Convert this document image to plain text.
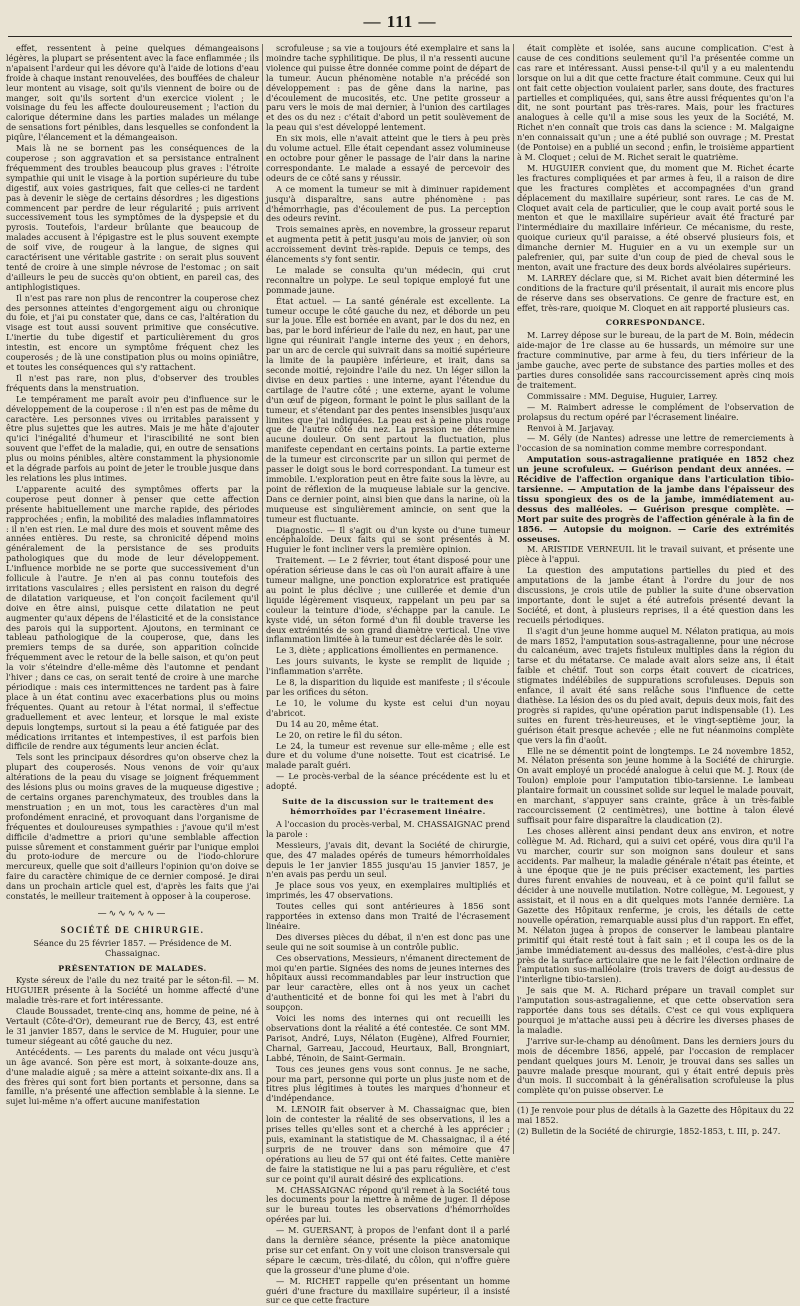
— 111 —

effet, ressentent à peine quelques démangeaisons légères, la plupart se présentent avec la face enflammée ; ils n'apaisent l'ardeur qui les dévore qu'à l'aide de lotions d'eau froide à chaque instant renouvelées, des bouffées de chaleur leur montent au visage, soit qu'ils viennent de boire ou de manger, soit qu'ils sortent d'un exercice violent ; le voisinage du feu les affecte douloureusement ; l'action du calorique détermine dans les parties malades un mélange de sensations fort pénibles, dans lesquelles se confondent la piqûre, l'élancement et la démangeaison.

Mais là ne se bornent pas les conséquences de la couperose ; son aggravation et sa persistance entraînent fréquemment des troubles beaucoup plus graves : l'étroite sympathie qui unit le visage à la portion supérieure du tube digestif, aux voies gastriques, fait que celles-ci ne tardent pas à devenir le siège de certains désordres ; les digestions commencent par perdre de leur régularité ; puis arrivent successivement tous les symptômes de la dyspepsie et du pyrosis. Toutefois, l'ardeur brûlante que beaucoup de malades accusent à l'épigastre est le plus souvent exempte de soif vive, de rougeur à la langue, de signes qui caractérisent une véritable gastrite : on serait plus souvent tenté de croire à une simple névrose de l'estomac ; on sait d'ailleurs le peu de succès qu'on obtient, en pareil cas, des antiphlogistiques.

Il n'est pas rare non plus de rencontrer la couperose chez des personnes atteintes d'engorgement aigu ou chronique du foie, et j'ai pu constater que, dans ce cas, l'altération du visage est tout aussi souvent primitive que consécutive. L'inertie du tube digestif et particulièrement du gros intestin, est encore un symptôme fréquent chez les couperosés ; de là une constipation plus ou moins opiniâtre, et toutes les conséquences qui s'y rattachent.

Il n'est pas rare, non plus, d'observer des troubles fréquents dans la menstruation.

Le tempérament me paraît avoir peu d'influence sur le développement de la couperose : il n'en est pas de même du caractère. Les personnes vives ou irritables paraissent y être plus sujettes que les autres. Mais je me hâte d'ajouter qu'ici l'inégalité d'humeur et l'irascibilité ne sont bien souvent que l'effet de la maladie, qui, en outre de sensations plus ou moins pénibles, altère constamment la physionomie et la dégrade parfois au point de jeter le trouble jusque dans les relations les plus intimes.

L'apparente acuité des symptômes offerts par la couperose peut donner à penser que cette affection présente habituellement une marche rapide, des périodes rapprochées ; enfin, la mobilité des maladies inflammatoires : il n'en est rien. Le mal dure des mois et souvent même des années entières. Du reste, sa chronicité dépend moins généralement de la persistance de ses produits pathologiques que du mode de leur développement. L'influence morbide ne se porte que successivement d'un follicule à l'autre. Je n'en ai pas connu toutefois des irritations vasculaires ; elles persistent en raison du degré de dilatation variqueuse, et l'on conçoit facilement qu'il doive en être ainsi, puisque cette dilatation ne peut augmenter qu'aux dépens de l'élasticité et de la consistance des parois qui la supportent. Ajoutons, en terminant ce tableau pathologique de la couperose, que, dans les premiers temps de sa durée, son apparition coïncide fréquemment avec le retour de la belle saison, et qu'on peut la voir s'éteindre d'elle-même dès l'automne et pendant l'hiver ; dans ce cas, on serait tenté de croire à une marche périodique : mais ces intermittences ne tardent pas à faire place à un état continu avec exacerbations plus ou moins fréquentes. Quant au retour à l'état normal, il s'effectue graduellement et avec lenteur, et lorsque le mal existe depuis longtemps, surtout si la peau a été fatiguée par des médications irritantes et intempestives, il est parfois bien difficile de rendre aux téguments leur ancien éclat.

Tels sont les principaux désordres qu'on observe chez la plupart des couperosés. Nous venons de voir qu'aux altérations de la peau du visage se joignent fréquemment des lésions plus ou moins graves de la muqueuse digestive ; de certains organes parenchymateux, des troubles dans la menstruation ; en un mot, tous les caractères d'un mal profondément enraciné, et provoquant dans l'organisme de fréquentes et douloureuses sympathies : j'avoue qu'il m'est difficile d'admettre a priori qu'une semblable affection puisse sûrement et constamment guérir par l'unique emploi du proto-iodure de mercure ou de l'iodo-chlorure mercureux, quelle que soit d'ailleurs l'opinion qu'on doive se faire du caractère chimique de ce dernier composé. Je dirai dans un prochain article quel est, d'après les faits que j'ai constatés, le meilleur traitement à opposer à la couperose.

—∿∿∿∿∿—
SOCIÉTÉ DE CHIRURGIE.
Séance du 25 février 1857. — Présidence de M. Chassaignac.
PRÉSENTATION DE MALADES.

Kyste séreux de l'aile du nez traité par le séton-fil. — M. HUGUIER présente à la Société un homme affecté d'une maladie très-rare et fort intéressante.

Claude Boussadet, trente-cinq ans, homme de peine, né à Vertault (Côte-d'Or), demeurant rue de Bercy, 43, est entré le 31 janvier 1857, dans le service de M. Huguier, pour une tumeur siégeant au côté gauche du nez.

Antécédents. — Les parents du malade ont vécu jusqu'à un âge avancé. Son père est mort, à soixante-douze ans, d'une maladie aiguë ; sa mère a atteint soixante-dix ans. Il a des frères qui sont fort bien portants et personne, dans sa famille, n'a présenté une affection semblable à la sienne. Le sujet lui-même n'a offert aucune manifestation

scrofuleuse ; sa vie a toujours été exemplaire et sans la moindre tache syphilitique. De plus, il n'a ressenti aucune violence qui puisse être donnée comme point de départ de la tumeur. Aucun phénomène notable n'a précédé son développement : pas de gêne dans la narine, pas d'écoulement de mucosités, etc. Une petite grosseur a paru vers le mois de mai dernier, à l'union des cartilages et des os du nez : c'était d'abord un petit soulèvement de la peau qui s'est développé lentement.

En six mois, elle n'avait atteint que le tiers à peu près du volume actuel. Elle était cependant assez volumineuse en octobre pour gêner le passage de l'air dans la narine correspondante. Le malade a essayé de percevoir des odeurs de ce côté sans y réussir.

A ce moment la tumeur se mit à diminuer rapidement jusqu'à disparaître, sans autre phénomène : pas d'hémorrhagie, pas d'écoulement de pus. La perception des odeurs revint.

Trois semaines après, en novembre, la grosseur reparut et augmenta petit à petit jusqu'au mois de janvier, où son accroissement devint très-rapide. Depuis ce temps, des élancements s'y font sentir.

Le malade se consulta qu'un médecin, qui crut reconnaître un polype. Le seul topique employé fut une pommade jaune.

État actuel. — La santé générale est excellente. La tumeur occupe le côté gauche du nez, et déborde un peu sur la joue. Elle est bornée en avant, par le dos du nez, en bas, par le bord inférieur de l'aile du nez, en haut, par une ligne qui réunirait l'angle interne des yeux ; en dehors, par un arc de cercle qui suivrait dans sa moitié supérieure la limite de la paupière inférieure, et irait, dans sa seconde moitié, rejoindre l'aile du nez. Un léger sillon la divise en deux parties : une interne, ayant l'étendue du cartilage de l'autre côté ; une externe, ayant le volume d'un œuf de pigeon, formant le point le plus saillant de la tumeur, et s'étendant par des pentes insensibles jusqu'aux limites que j'ai indiquées. La peau est à peine plus rouge que de l'autre côté du nez. La pression ne détermine aucune douleur. On sent partout la fluctuation, plus manifeste cependant en certains points. La partie externe de la tumeur est circonscrite par un sillon qui permet de passer le doigt sous le bord correspondant. La tumeur est immobile. L'exploration peut en être faite sous la lèvre, au point de réflexion de la muqueuse labiale sur la gencive. Dans ce dernier point, ainsi bien que dans la narine, où la muqueuse est singulièrement amincie, on sent que la tumeur est fluctuante.

Diagnostic. — Il s'agit ou d'un kyste ou d'une tumeur encéphaloïde. Deux faits qui se sont présentés à M. Huguier le font incliner vers la première opinion.

Traitement. — Le 2 février, tout étant disposé pour une opération sérieuse dans le cas où l'on aurait affaire à une tumeur maligne, une ponction exploratrice est pratiquée au point le plus déclive ; une cuillerée et demie d'un liquide légèrement visqueux, rappelant un peu par sa couleur la teinture d'iode, s'échappe par la canule. Le kyste vidé, un séton formé d'un fil double traverse les deux extrémités de son grand diamètre vertical. Une vive inflammation limitée à la tumeur est déclarée dès le soir.

Le 3, diète ; applications émollientes en permanence.

Les jours suivants, le kyste se remplit de liquide ; l'inflammation s'arrête.

Le 8, la disparition du liquide est manifeste ; il s'écoule par les orifices du séton.

Le 10, le volume du kyste est celui d'un noyau d'abricot.

Du 14 au 20, même état.

Le 20, on retire le fil du séton.

Le 24, la tumeur est revenue sur elle-même ; elle est dure et du volume d'une noisette. Tout est cicatrisé. Le malade paraît guéri.

— Le procès-verbal de la séance précédente est lu et adopté.

Suite de la discussion sur le traitement des hémorrhoïdes par l'écrasement linéaire.

A l'occasion du procès-verbal, M. CHASSAIGNAC prend la parole :

Messieurs, j'avais dit, devant la Société de chirurgie, que, des 47 malades opérés de tumeurs hémorrhoïdales depuis le 1er janvier 1855 jusqu'au 15 janvier 1857, je n'en avais pas perdu un seul.

Je place sous vos yeux, en exemplaires multipliés et imprimés, les 47 observations.

Toutes celles qui sont antérieures à 1856 sont rapportées in extenso dans mon Traité de l'écrasement linéaire.

Des diverses pièces du débat, il n'en est donc pas une seule qui ne soit soumise à un contrôle public.

Ces observations, Messieurs, n'émanent directement de moi qu'en partie. Signées des noms de jeunes internes des hôpitaux aussi recommandables par leur instruction que par leur caractère, elles ont à nos yeux un cachet d'authenticité et de bonne foi qui les met à l'abri du soupçon.

Voici les noms des internes qui ont recueilli les observations dont la réalité a été contestée. Ce sont MM. Parisot, André, Luys, Nélaton (Eugène), Alfred Fournier, Charnal, Garreau, Jaccoud, Heurtaux, Ball, Brongniart, Labbé, Ténoin, de Saint-Germain.

Tous ces jeunes gens vous sont connus. Je ne sache, pour ma part, personne qui porte un plus juste nom et de titres plus légitimes à toutes les marques d'honneur et d'indépendance.

M. LENOIR fait observer à M. Chassaignac que, bien loin de contester la réalité de ses observations, il les a prises telles qu'elles sont et a cherché à les apprécier ; puis, examinant la statistique de M. Chassaignac, il a été surpris de ne trouver dans son mémoire que 47 opérations au lieu de 57 qui ont été faites. Cette manière de faire la statistique ne lui a pas paru régulière, et c'est sur ce point qu'il aurait désiré des explications.

M. CHASSAIGNAC répond qu'il remet à la Société tous les documents pour la mettre à même de juger. Il dépose sur le bureau toutes les observations d'hémorrhoïdes opérées par lui.

— M. GUERSANT, à propos de l'enfant dont il a parlé dans la dernière séance, présente la pièce anatomique prise sur cet enfant. On y voit une cloison transversale qui sépare le cæcum, très-dilaté, du côlon, qui n'offre guère que la grosseur d'une plume d'oie.

— M. RICHET rappelle qu'en présentant un homme guéri d'une fracture du maxillaire supérieur, il a insisté sur ce que cette fracture

était complète et isolée, sans aucune complication. C'est à cause de ces conditions seulement qu'il l'a présentée comme un cas rare et intéressant. Aussi pense-t-il qu'il y a eu malentendu lorsque on lui a dit que cette fracture était commune. Ceux qui lui ont fait cette objection voulaient parler, sans doute, des fractures partielles et compliquées, qui, sans être aussi fréquentes qu'on l'a dit, ne sont pourtant pas très-rares. Mais, pour les fractures analogues à celle qu'il a mise sous les yeux de la Société, M. Richet n'en connaît que trois cas dans la science : M. Malgaigne n'en connaissait qu'un ; une a été publié son ouvrage ; M. Prestat (de Pontoise) en a publié un second ; enfin, le troisième appartient à M. Cloquet ; celui de M. Richet serait le quatrième.

M. HUGUIER convient que, du moment que M. Richet écarte les fractures compliquées et par armes à feu, il a raison de dire que les fractures complètes et accompagnées d'un grand déplacement du maxillaire supérieur, sont rares. Le cas de M. Cloquet avait cela de particulier, que le coup avait porté sous le menton et que le maxillaire supérieur avait été fracturé par l'intermédiaire du maxillaire inférieur. Ce mécanisme, du reste, quoique curieux qu'il paraisse, a été observé plusieurs fois, et dimanche dernier M. Huguier en a vu un exemple sur un palefrenier, qui, par suite d'un coup de pied de cheval sous le menton, avait une fracture des deux bords alvéolaires supérieurs.

M. LARREY déclare que, si M. Richet avait bien déterminé les conditions de la fracture qu'il présentait, il aurait mis encore plus de réserve dans ses observations. Ce genre de fracture est, en effet, très-rare, quoique M. Cloquet en ait rapporté plusieurs cas.

CORRESPONDANCE.

M. Larrey dépose sur le bureau, de la part de M. Boin, médecin aide-major de 1re classe au 6e hussards, un mémoire sur une fracture comminutive, par arme à feu, du tiers inférieur de la jambe gauche, avec perte de substance des parties molles et des parties dures consolidée sans raccourcissement après cinq mois de traitement.

Commissaire : MM. Deguise, Huguier, Larrey.

— M. Raimbert adresse le complément de l'observation de prolapsus du rectum opéré par l'écrasement linéaire.

Renvoi à M. Jarjavay.

— M. Gély (de Nantes) adresse une lettre de remerciements à l'occasion de sa nomination comme membre correspondant.

Amputation sous-astragalienne pratiquée en 1852 chez un jeune scrofuleux. — Guérison pendant deux années. — Récidive de l'affection organique dans l'articulation tibio-tarsienne. — Amputation de la jambe dans l'épaisseur des tissu spongieux des os de la jambe, immédiatement au-dessus des malléoles. — Guérison presque complète. — Mort par suite des progrès de l'affection générale à la fin de 1856. — Autopsie du moignon. — Carie des extrémités osseuses.

M. ARISTIDE VERNEUIL lit le travail suivant, et présente une pièce à l'appui.

La question des amputations partielles du pied et des amputations de la jambe étant à l'ordre du jour de nos discussions, je crois utile de publier la suite d'une observation importante, dont le sujet a été autrefois présenté devant la Société, et dont, à plusieurs reprises, il a été question dans les recueils périodiques.

Il s'agit d'un jeune homme auquel M. Nélaton pratiqua, au mois de mars 1852, l'amputation sous-astragalienne, pour une nécrose du calcanéum, avec trajets fistuleux multiples dans la région du tarse et du métatarse. Ce malade avait alors seize ans, il était faible et chétif. Tout son corps était couvert de cicatrices, stigmates indélébiles de suppurations scrofuleuses. Depuis son enfance, il avait été sans relâche sous l'influence de cette diathèse. La lésion des os du pied avait, depuis deux mois, fait des progrès si rapides, qu'une opération parut indispensable (1). Les suites en furent très-heureuses, et le vingt-septième jour, la guérison était presque achevée ; elle ne fut néanmoins complète que vers la fin d'août.

Elle ne se démentit point de longtemps. Le 24 novembre 1852, M. Nélaton présenta son jeune homme à la Société de chirurgie. On avait employé un procédé analogue à celui que M. J. Roux (de Toulon) emploie pour l'amputation tibio-tarsienne. Le lambeau plantaire formait un coussinet solide sur lequel le malade pouvait, en marchant, s'appuyer sans crainte, grâce à un très-faible raccourcissement (2 centimètres), une bottine à talon élevé suffisait pour faire disparaître la claudication (2).

Les choses allèrent ainsi pendant deux ans environ, et notre collègue M. Ad. Richard, qui a suivi cet opéré, vous dira qu'il l'a vu marcher, courir sur son moignon sans douleur et sans accidents. Par malheur, la maladie générale n'était pas éteinte, et à une époque que je ne puis préciser exactement, les parties dures furent envahies de nouveau, et à ce point qu'il fallut se décider à une nouvelle mutilation. Notre collègue, M. Legouest, y assistait, et il nous en a dit quelques mots l'année dernière. La Gazette des Hôpitaux renferme, je crois, les détails de cette nouvelle opération, remarquable aussi plus d'un rapport. En effet, M. Nélaton jugea à propos de conserver le lambeau plantaire primitif qui était resté tout à fait sain ; et il coupa les os de la jambe immédiatement au-dessus des malléoles, c'est-à-dire plus près de la surface articulaire que ne le fait l'élection ordinaire de l'amputation sus-malléolaire (trois travers de doigt au-dessus de l'interligne tibio-tarsien).

Je sais que M. A. Richard prépare un travail complet sur l'amputation sous-astragalienne, et que cette observation sera rapportée dans tous ses détails. C'est ce qui vous expliquera pourquoi je m'attache aussi peu à décrire les diverses phases de la maladie.

J'arrive sur-le-champ au dénoûment. Dans les derniers jours du mois de décembre 1856, appelé, par l'occasion de remplacer pendant quelques jours M. Lenoir, je trouvai dans ses salles un pauvre malade presque mourant, qui y était entré depuis près d'un mois. Il succombait à la généralisation scrofuleuse la plus complète qu'on puisse observer. Le

(1) Je renvoie pour plus de détails à la Gazette des Hôpitaux du 22 mai 1852.

(2) Bulletin de la Société de chirurgie, 1852-1853, t. III, p. 247.
